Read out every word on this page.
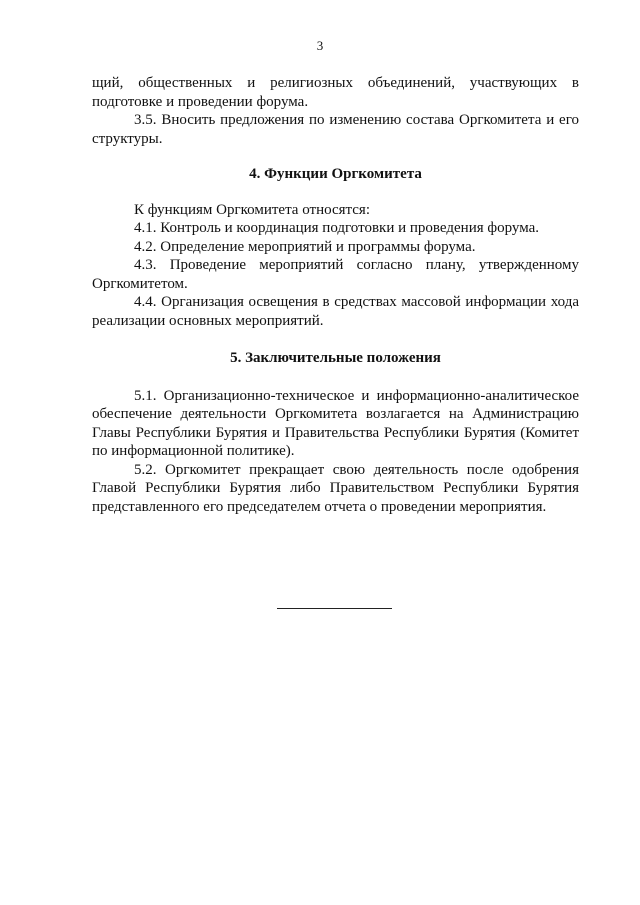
3

щий, общественных и религиозных объединений, участвующих в подготовке и проведении форума.

3.5. Вносить предложения по изменению состава Оргкомитета и его структуры.

4. Функции Оргкомитета

К функциям Оргкомитета относятся:

4.1. Контроль и координация подготовки и проведения форума.

4.2. Определение мероприятий и программы форума.

4.3. Проведение мероприятий согласно плану, утвержденному Оргкомитетом.

4.4. Организация освещения в средствах массовой информации хода реализации основных мероприятий.

5. Заключительные положения

5.1. Организационно-техническое и информационно-аналитическое обеспечение деятельности Оргкомитета возлагается на Администрацию Главы Республики Бурятия и Правительства Республики Бурятия (Комитет по информационной политике).

5.2. Оргкомитет прекращает свою деятельность после одобрения Главой Республики Бурятия либо Правительством Республики Бурятия представленного его председателем отчета о проведении мероприятия.
